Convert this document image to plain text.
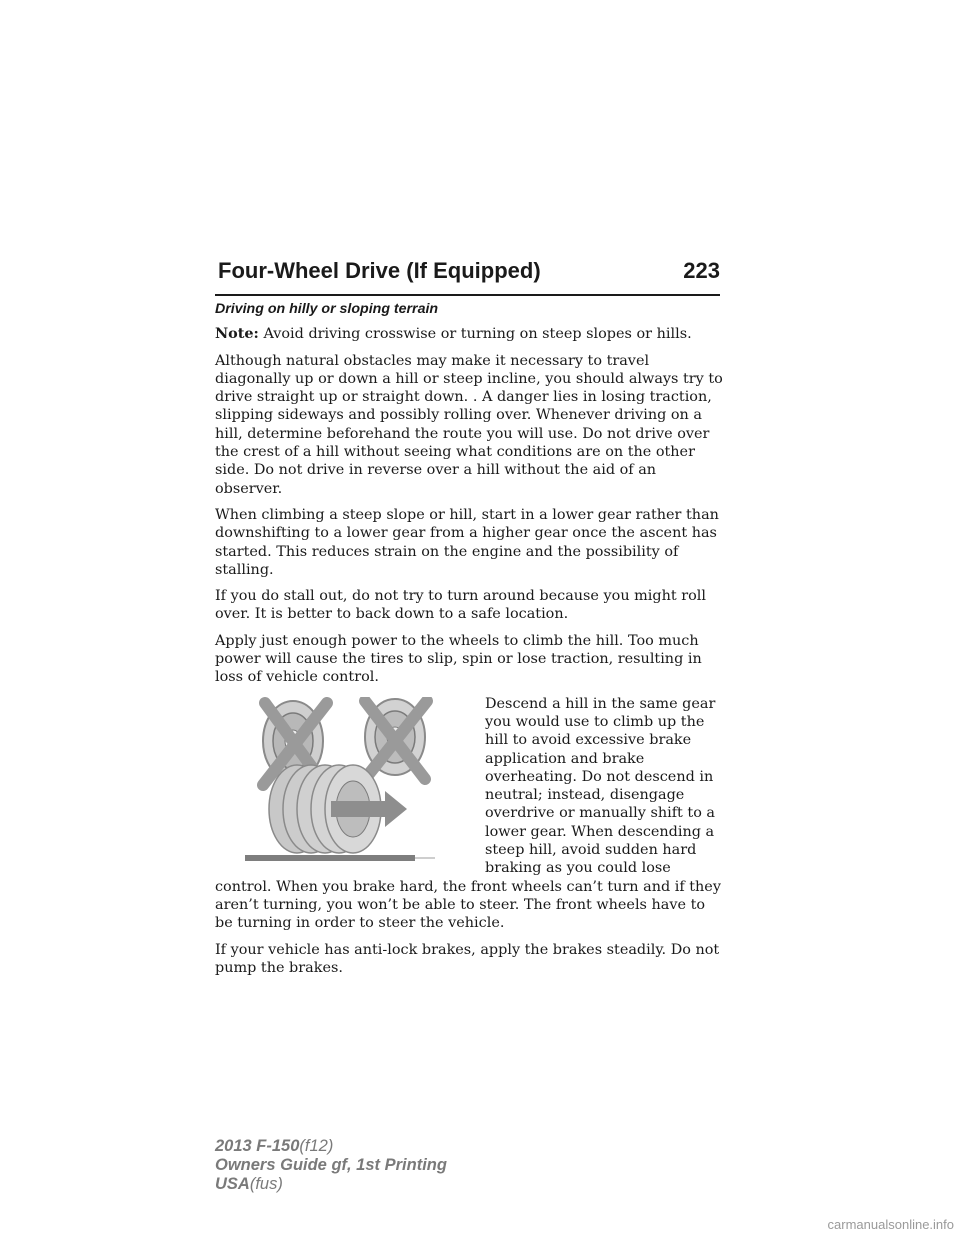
Four-Wheel Drive (If Equipped)	223
Driving on hilly or sloping terrain

Note: Avoid driving crosswise or turning on steep slopes or hills.

Although natural obstacles may make it necessary to travel diagonally up or down a hill or steep incline, you should always try to drive straight up or straight down. . A danger lies in losing traction, slipping sideways and possibly rolling over. Whenever driving on a hill, determine beforehand the route you will use. Do not drive over the crest of a hill without seeing what conditions are on the other side. Do not drive in reverse over a hill without the aid of an observer.

When climbing a steep slope or hill, start in a lower gear rather than downshifting to a lower gear from a higher gear once the ascent has started. This reduces strain on the engine and the possibility of stalling.

If you do stall out, do not try to turn around because you might roll over. It is better to back down to a safe location.

Apply just enough power to the wheels to climb the hill. Too much power will cause the tires to slip, spin or lose traction, resulting in loss of vehicle control.

Descend a hill in the same gear you would use to climb up the hill to avoid excessive brake application and brake overheating. Do not descend in neutral; instead, disengage overdrive or manually shift to a lower gear. When descending a steep hill, avoid sudden hard braking as you could lose control. When you brake hard, the front wheels can’t turn and if they aren’t turning, you won’t be able to steer. The front wheels have to be turning in order to steer the vehicle.

If your vehicle has anti-lock brakes, apply the brakes steadily. Do not pump the brakes.

2013 F-150(f12)
Owners Guide gf, 1st Printing
USA(fus)
carmanualsonline.info
